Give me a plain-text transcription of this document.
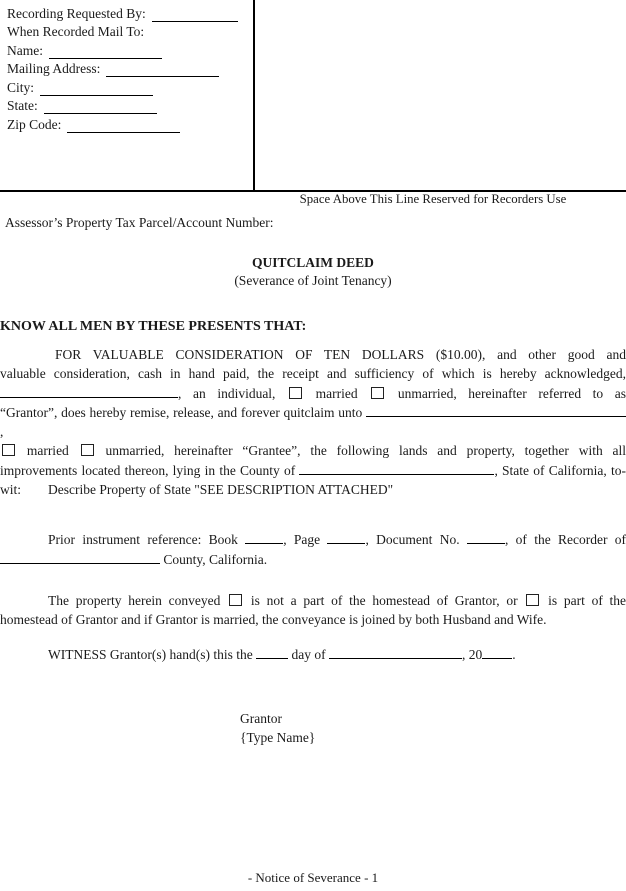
Recording Requested By:
When Recorded Mail To:
Name:
Mailing Address:
City:
State:
Zip Code:
Space Above This Line Reserved for Recorders Use
Assessor’s Property Tax Parcel/Account Number:
QUITCLAIM DEED
(Severance of Joint Tenancy)
KNOW ALL MEN BY THESE PRESENTS THAT:
FOR VALUABLE CONSIDERATION OF TEN DOLLARS ($10.00), and other good and
valuable consideration, cash in hand paid, the receipt and sufficiency of which is hereby acknowledged,
, an individual,	married	unmarried, hereinafter referred to as
“Grantor”, does hereby remise, release, and forever quitclaim unto ,
married	unmarried, hereinafter “Grantee”, the following lands and property, together with all
improvements located thereon, lying in the County of	, State of California, to-
wit:	Describe Property of State "SEE DESCRIPTION ATTACHED"
Prior instrument reference: Book	, Page	, Document No.	, of the Recorder of
County, California.
The property herein conveyed is not a part of the homestead of Grantor, or is part of the
homestead of Grantor and if Grantor is married, the conveyance is joined by both Husband and Wife.
WITNESS Grantor(s) hand(s) this the	day of	, 20 .
Grantor
{Type Name}
- Notice of Severance - 1
